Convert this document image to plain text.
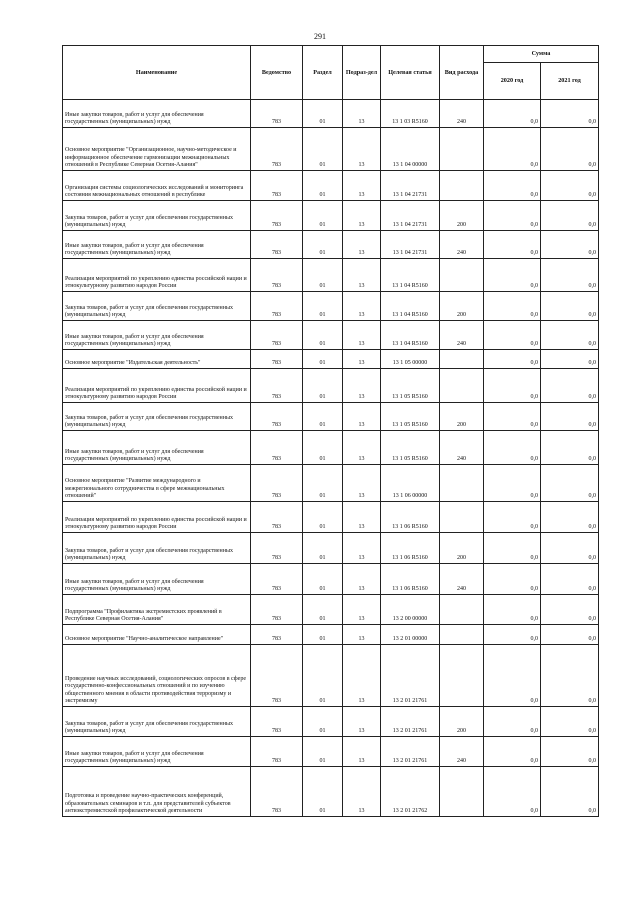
291
Наименование	Ведомство	Раздел	Подраз-дел	Целевая статья	Вид расхода	Сумма	
						2020 год	2021 год
Иные закупки товаров, работ и услуг для обеспечения государственных (муниципальных) нужд	783	01	13	13 1 03 R5160	240	0,0	0,0
Основное мероприятие "Организационное, научно-методическое и информационное обеспечение гармонизации межнациональных отношений в Республике Северная Осетия-Алания"	783	01	13	13 1 04 00000		0,0	0,0
Организация системы социологических исследований и мониторинга состояния межнациональных отношений в республике	783	01	13	13 1 04 21731		0,0	0,0
Закупка товаров, работ и услуг для обеспечения государственных (муниципальных) нужд	783	01	13	13 1 04 21731	200	0,0	0,0
Иные закупки товаров, работ и услуг для обеспечения государственных (муниципальных) нужд	783	01	13	13 1 04 21731	240	0,0	0,0
Реализация мероприятий по укреплению единства российской нации и этнокультурному развитию народов России	783	01	13	13 1 04 R5160		0,0	0,0
Закупка товаров, работ и услуг для обеспечения государственных (муниципальных) нужд	783	01	13	13 1 04 R5160	200	0,0	0,0
Иные закупки товаров, работ и услуг для обеспечения государственных (муниципальных) нужд	783	01	13	13 1 04 R5160	240	0,0	0,0
Основное мероприятие "Издательская деятельность"	783	01	13	13 1 05 00000		0,0	0,0
Реализация мероприятий по укреплению единства российской нации и этнокультурному развитию народов России	783	01	13	13 1 05 R5160		0,0	0,0
Закупка товаров, работ и услуг для обеспечения государственных (муниципальных) нужд	783	01	13	13 1 05 R5160	200	0,0	0,0
Иные закупки товаров, работ и услуг для обеспечения государственных (муниципальных) нужд	783	01	13	13 1 05 R5160	240	0,0	0,0
Основное мероприятие "Развитие международного и межрегионального сотрудничества в сфере межнациональных отношений"	783	01	13	13 1 06 00000		0,0	0,0
Реализация мероприятий по укреплению единства российской нации и этнокультурному развитию народов России	783	01	13	13 1 06 R5160		0,0	0,0
Закупка товаров, работ и услуг для обеспечения государственных (муниципальных) нужд	783	01	13	13 1 06 R5160	200	0,0	0,0
Иные закупки товаров, работ и услуг для обеспечения государственных (муниципальных) нужд	783	01	13	13 1 06 R5160	240	0,0	0,0
Подпрограмма "Профилактика экстремистских проявлений в Республике Северная Осетия-Алания"	783	01	13	13 2 00 00000		0,0	0,0
Основное мероприятие "Научно-аналитическое направление"	783	01	13	13 2 01 00000		0,0	0,0
Проведение научных исследований, социологических опросов в сфере государственно-конфессиональных отношений и по изучению общественного мнения в области противодействия терроризму и экстремизму	783	01	13	13 2 01 21761		0,0	0,0
Закупка товаров, работ и услуг для обеспечения государственных (муниципальных) нужд	783	01	13	13 2 01 21761	200	0,0	0,0
Иные закупки товаров, работ и услуг для обеспечения государственных (муниципальных) нужд	783	01	13	13 2 01 21761	240	0,0	0,0
Подготовка и проведение научно-практических конференций, образовательных семинаров и т.п. для представителей субъектов антиэкстремистской профилактической деятельности	783	01	13	13 2 01 21762		0,0	0,0
